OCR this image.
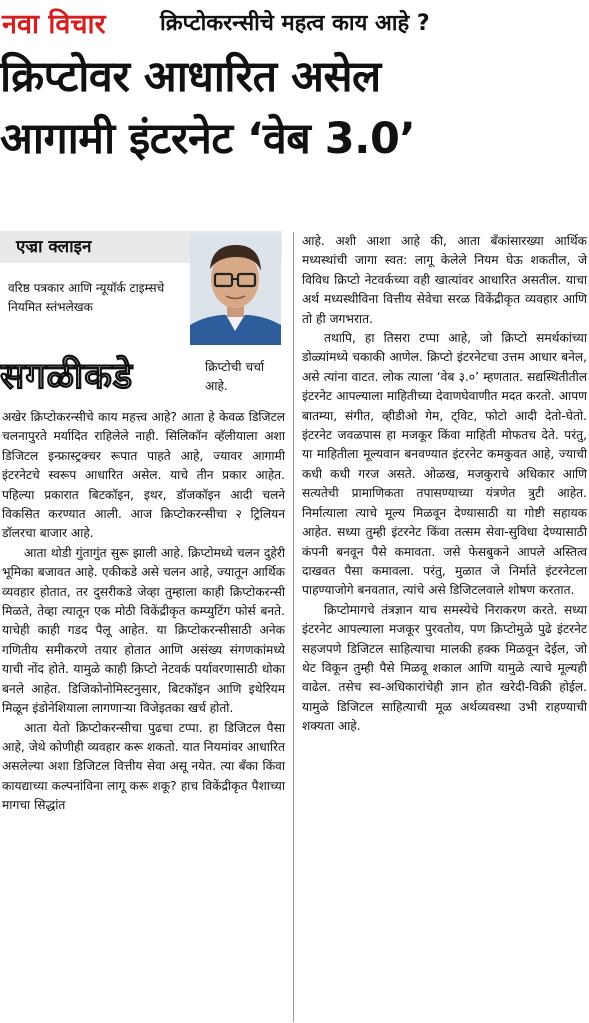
नवा विचार क्रिप्टोकरन्सीचे महत्व काय आहे ?
क्रिप्टोवर आधारित असेल
आगामी इंटरनेट ‘वेब 3.0’
एज्रा क्लाइन
वरिष्ठ पत्रकार आणि न्यूयॉर्क टाइम्सचे नियमित स्तंभलेखक
सगळीकडे	क्रिप्टोची चर्चा आहे.

अखेर क्रिप्टोकरन्सीचे काय महत्त्व आहे? आता हे केवळ डिजिटल चलनापुरते मर्यादित राहिलेले नाही. सिलिकॉन व्हॅलीयाला अशा डिजिटल इन्फ्रास्ट्रक्चर रूपात पाहते आहे, ज्यावर आगामी इंटरनेटचे स्वरूप आधारित असेल. याचे तीन प्रकार आहेत. पहिल्या प्रकारात बिटकॉइन, इथर, डॉजकॉइन आदी चलने विकसित करण्यात आली. आज क्रिप्टोकरन्सीचा २ ट्रिलियन डॉलरचा बाजार आहे.

आता थोडी गुंतागुंत सुरू झाली आहे. क्रिप्टोमध्ये चलन दुहेरी भूमिका बजावत आहे. एकीकडे असे चलन आहे, ज्यातून आर्थिक व्यवहार होतात, तर दुसरीकडे जेव्हा तुम्हाला काही क्रिप्टोकरन्सी मिळते, तेव्हा त्यातून एक मोठी विकेंद्रीकृत कम्प्युटिंग फोर्स बनते. याचेही काही गडद पैलू आहेत. या क्रिप्टोकरन्सीसाठी अनेक गणितीय समीकरणे तयार होतात आणि असंख्य संगणकांमध्ये याची नोंद होते. यामुळे काही क्रिप्टो नेटवर्क पर्यावरणासाठी धोका बनले आहेत. डिजिकोनोमिस्टनुसार, बिटकॉइन आणि इथेरियम मिळून इंडोनेशियाला लागणाऱ्या विजेइतका खर्च होतो.

आता येतो क्रिप्टोकरन्सीचा पुढचा टप्पा. हा डिजिटल पैसा आहे, जेथे कोणीही व्यवहार करू शकतो. यात नियमांवर आधारित असलेल्या अशा डिजिटल वित्तीय सेवा असू नयेत. त्या बँका किंवा कायद्याच्या कल्पनांविना लागू करू शकू? हाच विकेंद्रीकृत पैशाच्या मागचा सिद्धांत

आहे. अशी आशा आहे की, आता बँकांसारख्या आर्थिक मध्यस्थांची जागा स्वत: लागू केलेले नियम घेऊ शकतील, जे विविध क्रिप्टो नेटवर्कच्या वही खात्यांवर आधारित असतील. याचा अर्थ मध्यस्थीविना वित्तीय सेवेचा सरळ विकेंद्रीकृत व्यवहार आणि तो ही जगभरात.

तथापि, हा तिसरा टप्पा आहे, जो क्रिप्टो समर्थकांच्या डोळ्यांमध्ये चकाकी आणेल. क्रिप्टो इंटरनेटचा उत्तम आधार बनेल, असे त्यांना वाटत. लोक त्याला ‘वेब ३.०’ म्हणतात. सद्यस्थितीतील इंटरनेट आपल्याला माहितीच्या देवाणघेवाणीत मदत करतो. आपण बातम्या, संगीत, व्हीडीओ गेम, ट्विट, फोटो आदी देतो-घेतो. इंटरनेट जवळपास हा मजकूर किंवा माहिती मोफतच देते. परंतु, या माहितीला मूल्यवान बनवण्यात इंटरनेट कमकुवत आहे, ज्याची कधी कधी गरज असते. ओळख, मजकुराचे अधिकार आणि सत्यतेची प्रामाणिकता तपासण्याच्या यंत्रणेत त्रुटी आहेत. निर्मात्याला त्याचे मूल्य मिळवून देण्यासाठी या गोष्टी सहायक आहेत. सध्या तुम्ही इंटरनेट किंवा तत्सम सेवा-सुविधा देण्यासाठी कंपनी बनवून पैसे कमावता. जसे फेसबुकने आपले अस्तित्व दाखवत पैसा कमावला. परंतु, मुळात जे निर्माते इंटरनेटला पाहण्याजोगे बनवतात, त्यांचे असे डिजिटलवाले शोषण करतात.

क्रिप्टोमागचे तंत्रज्ञान याच समस्येचे निराकरण करते. सध्या इंटरनेट आपल्याला मजकूर पुरवतोय, पण क्रिप्टोमुळे पुढे इंटरनेट सहजपणे डिजिटल साहित्याचा मालकी हक्क मिळवून देईल, जो थेट विकून तुम्ही पैसे मिळवू शकाल आणि यामुळे त्याचे मूल्यही वाढेल. तसेच स्व-अधिकारांचेही ज्ञान होत खरेदी-विक्री होईल. यामुळे डिजिटल साहित्याची मूळ अर्थव्यवस्था उभी राहण्याची शक्यता आहे.
